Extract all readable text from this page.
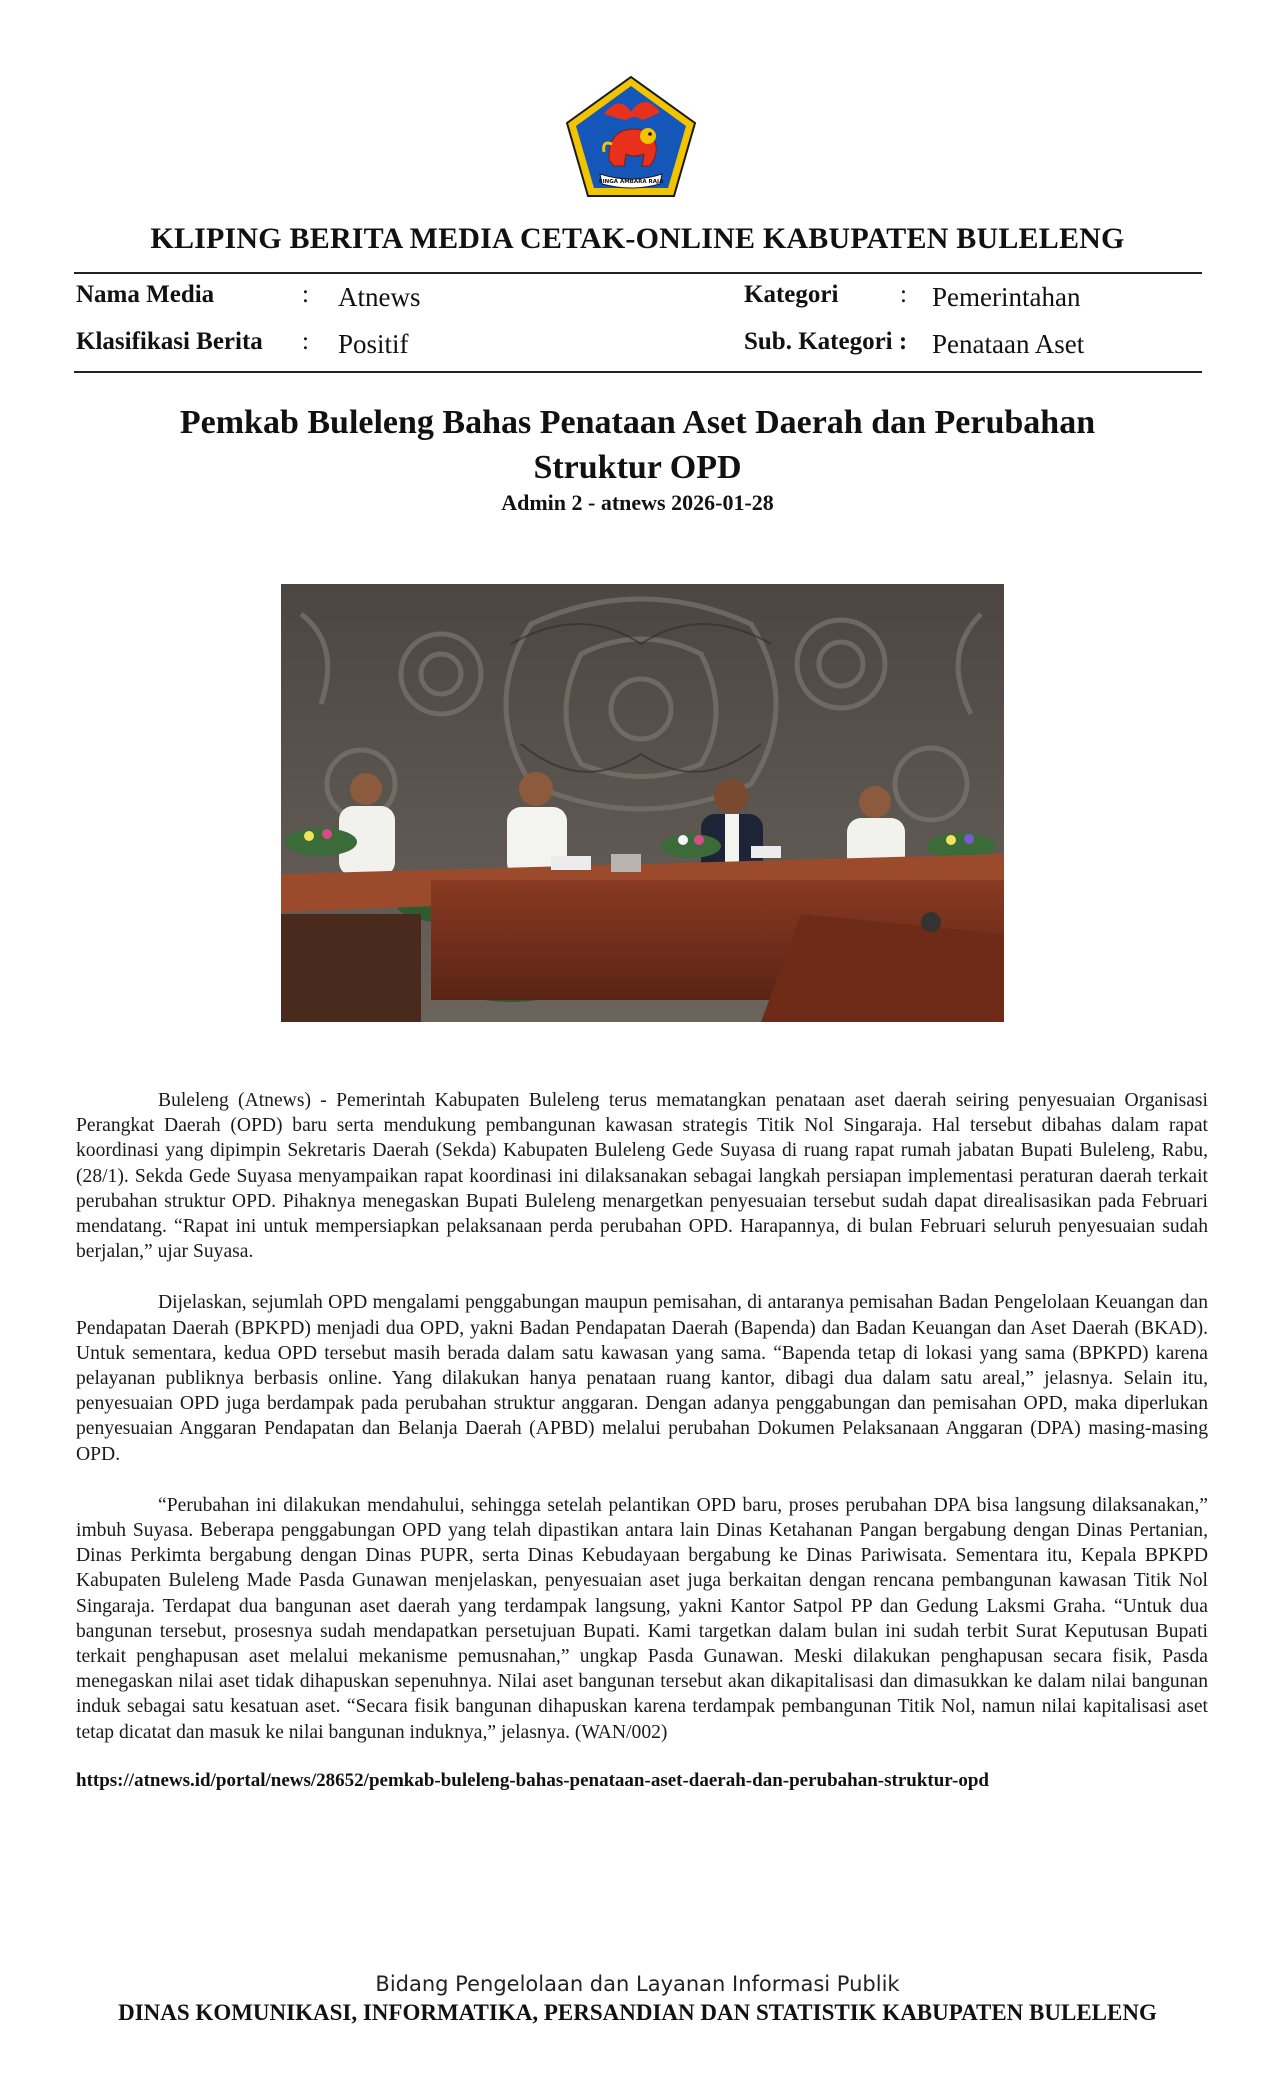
SINGA AMBARA RAJA
KLIPING BERITA MEDIA CETAK-ONLINE KABUPATEN BULELENG
Nama Media	: Atnews	Kategori : Pemerintahan
Klasifikasi Berita : Positif	Sub. Kategori : Penataan Aset
Pemkab Buleleng Bahas Penataan Aset Daerah dan Perubahan Struktur OPD
Admin 2 - atnews 2026-01-28

Buleleng (Atnews) - Pemerintah Kabupaten Buleleng terus mematangkan penataan aset daerah seiring penyesuaian Organisasi Perangkat Daerah (OPD) baru serta mendukung pembangunan kawasan strategis Titik Nol Singaraja. Hal tersebut dibahas dalam rapat koordinasi yang dipimpin Sekretaris Daerah (Sekda) Kabupaten Buleleng Gede Suyasa di ruang rapat rumah jabatan Bupati Buleleng, Rabu, (28/1). Sekda Gede Suyasa menyampaikan rapat koordinasi ini dilaksanakan sebagai langkah persiapan implementasi peraturan daerah terkait perubahan struktur OPD. Pihaknya menegaskan Bupati Buleleng menargetkan penyesuaian tersebut sudah dapat direalisasikan pada Februari mendatang. “Rapat ini untuk mempersiapkan pelaksanaan perda perubahan OPD. Harapannya, di bulan Februari seluruh penyesuaian sudah berjalan,” ujar Suyasa.

Dijelaskan, sejumlah OPD mengalami penggabungan maupun pemisahan, di antaranya pemisahan Badan Pengelolaan Keuangan dan Pendapatan Daerah (BPKPD) menjadi dua OPD, yakni Badan Pendapatan Daerah (Bapenda) dan Badan Keuangan dan Aset Daerah (BKAD). Untuk sementara, kedua OPD tersebut masih berada dalam satu kawasan yang sama. “Bapenda tetap di lokasi yang sama (BPKPD) karena pelayanan publiknya berbasis online. Yang dilakukan hanya penataan ruang kantor, dibagi dua dalam satu areal,” jelasnya. Selain itu, penyesuaian OPD juga berdampak pada perubahan struktur anggaran. Dengan adanya penggabungan dan pemisahan OPD, maka diperlukan penyesuaian Anggaran Pendapatan dan Belanja Daerah (APBD) melalui perubahan Dokumen Pelaksanaan Anggaran (DPA) masing-masing OPD.

“Perubahan ini dilakukan mendahului, sehingga setelah pelantikan OPD baru, proses perubahan DPA bisa langsung dilaksanakan,” imbuh Suyasa. Beberapa penggabungan OPD yang telah dipastikan antara lain Dinas Ketahanan Pangan bergabung dengan Dinas Pertanian, Dinas Perkimta bergabung dengan Dinas PUPR, serta Dinas Kebudayaan bergabung ke Dinas Pariwisata. Sementara itu, Kepala BPKPD Kabupaten Buleleng Made Pasda Gunawan menjelaskan, penyesuaian aset juga berkaitan dengan rencana pembangunan kawasan Titik Nol Singaraja. Terdapat dua bangunan aset daerah yang terdampak langsung, yakni Kantor Satpol PP dan Gedung Laksmi Graha. “Untuk dua bangunan tersebut, prosesnya sudah mendapatkan persetujuan Bupati. Kami targetkan dalam bulan ini sudah terbit Surat Keputusan Bupati terkait penghapusan aset melalui mekanisme pemusnahan,” ungkap Pasda Gunawan. Meski dilakukan penghapusan secara fisik, Pasda menegaskan nilai aset tidak dihapuskan sepenuhnya. Nilai aset bangunan tersebut akan dikapitalisasi dan dimasukkan ke dalam nilai bangunan induk sebagai satu kesatuan aset. “Secara fisik bangunan dihapuskan karena terdampak pembangunan Titik Nol, namun nilai kapitalisasi aset tetap dicatat dan masuk ke nilai bangunan induknya,” jelasnya. (WAN/002)

https://atnews.id/portal/news/28652/pemkab-buleleng-bahas-penataan-aset-daerah-dan-perubahan-struktur-opd
Bidang Pengelolaan dan Layanan Informasi Publik
DINAS KOMUNIKASI, INFORMATIKA, PERSANDIAN DAN STATISTIK KABUPATEN BULELENG
